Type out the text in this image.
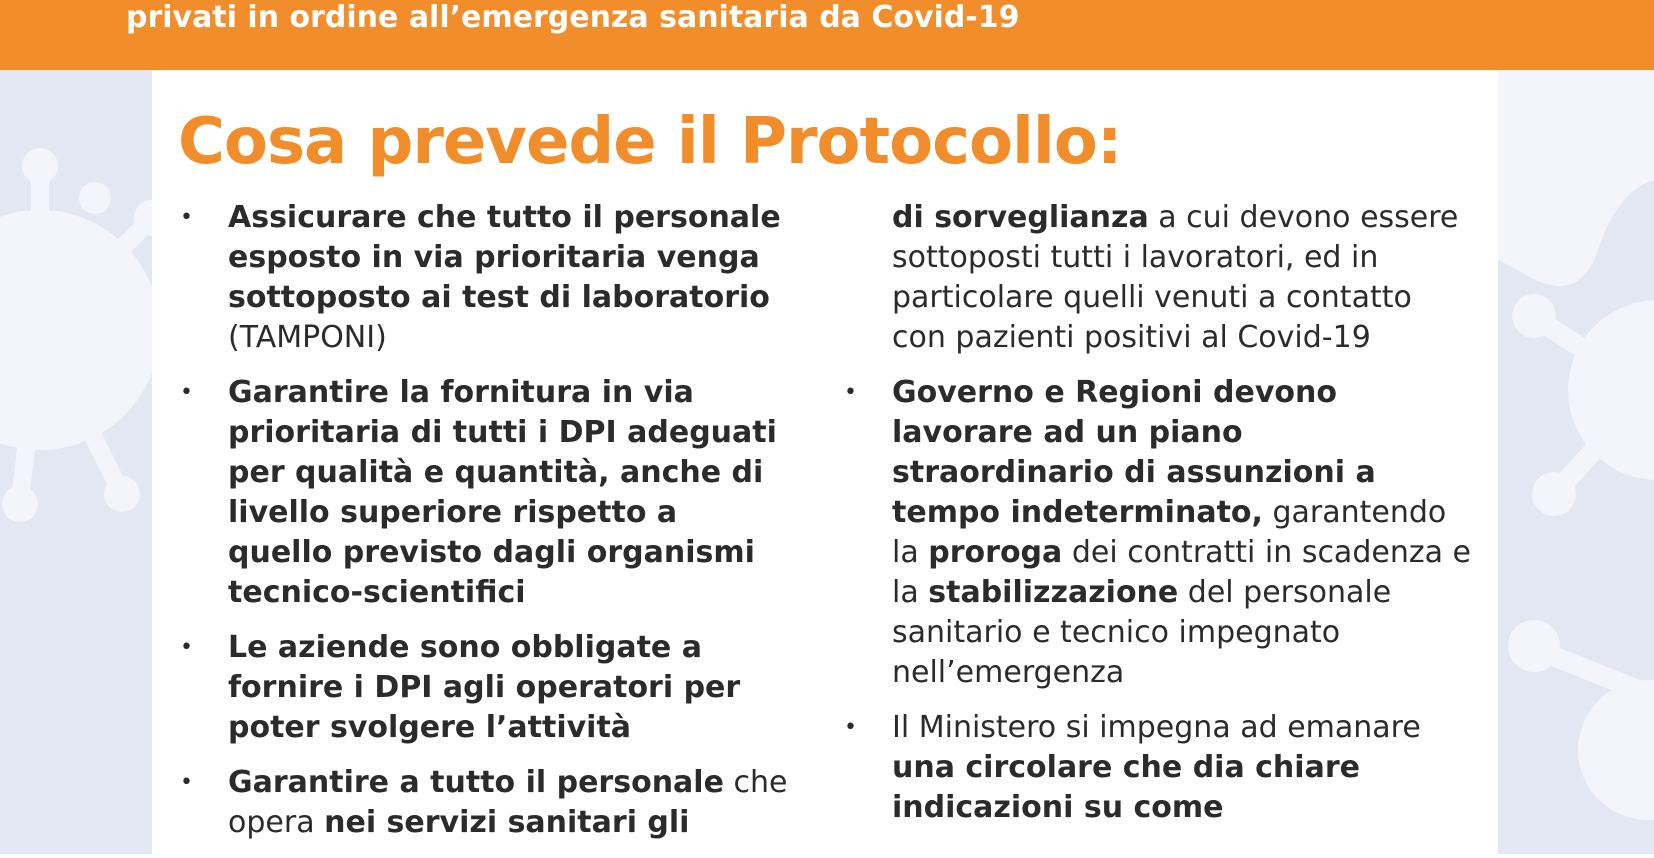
privati in ordine all’emergenza sanitaria da Covid-19
Cosa prevede il Protocollo:
• Assicurare che tutto il personale esposto in via prioritaria venga sottoposto ai test di laboratorio (TAMPONI)
• Garantire la fornitura in via prioritaria di tutti i DPI adeguati per qualità e quantità, anche di livello superiore rispetto a quello previsto dagli organismi tecnico-scientifici
• Le aziende sono obbligate a fornire i DPI agli operatori per poter svolgere l’attività
• Garantire a tutto il personale che opera nei servizi sanitari gli
di sorveglianza a cui devono essere sottoposti tutti i lavoratori, ed in particolare quelli venuti a contatto con pazienti positivi al Covid-19
• Governo e Regioni devono lavorare ad un piano straordinario di assunzioni a tempo indeterminato, garantendo la proroga dei contratti in scadenza e la stabilizzazione del personale sanitario e tecnico impegnato nell’emergenza
• Il Ministero si impegna ad emanare una circolare che dia chiare indicazioni su come
